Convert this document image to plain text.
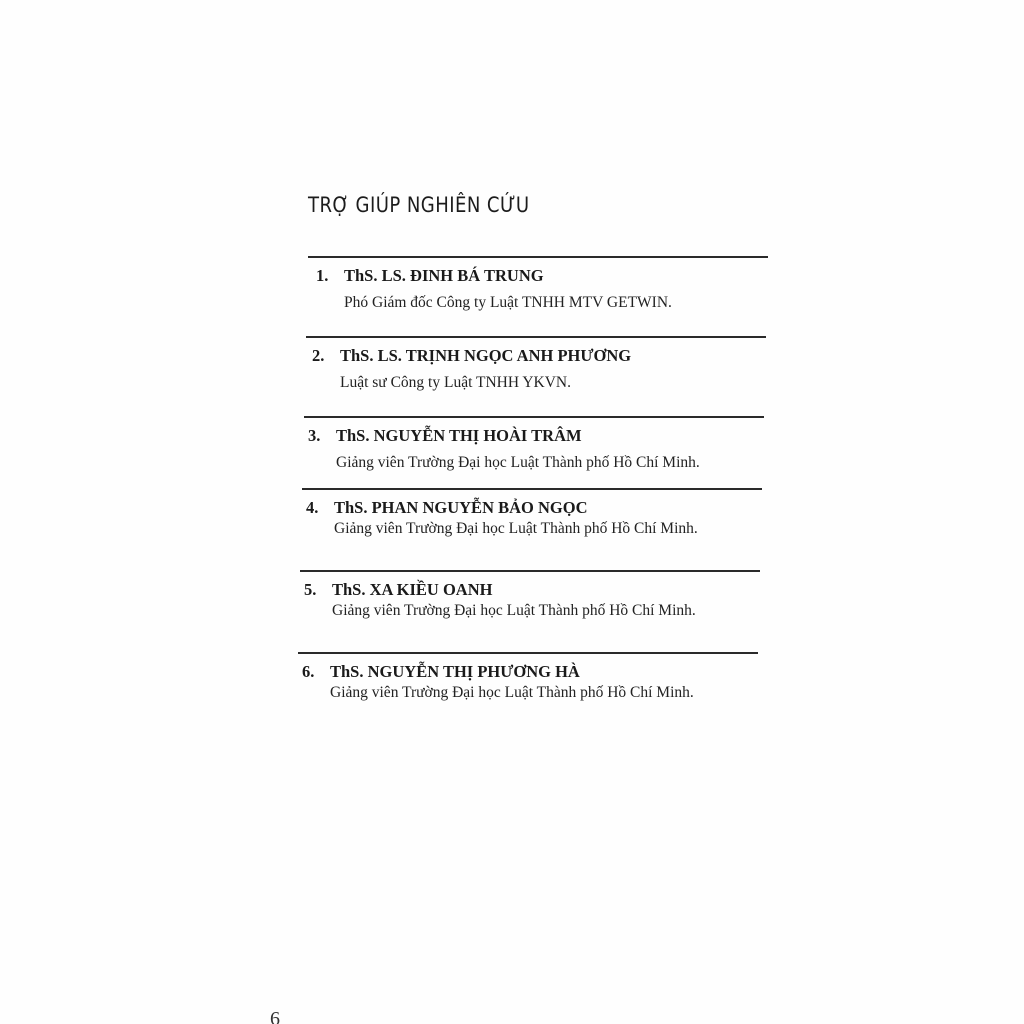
TRỢ GIÚP NGHIÊN CỨU
1. ThS. LS. ĐINH BÁ TRUNG
Phó Giám đốc Công ty Luật TNHH MTV GETWIN.
2. ThS. LS. TRỊNH NGỌC ANH PHƯƠNG
Luật sư Công ty Luật TNHH YKVN.
3. ThS. NGUYỄN THỊ HOÀI TRÂM
Giảng viên Trường Đại học Luật Thành phố Hồ Chí Minh.
4. ThS. PHAN NGUYỄN BẢO NGỌC
Giảng viên Trường Đại học Luật Thành phố Hồ Chí Minh.
5. ThS. XA KIỀU OANH
Giảng viên Trường Đại học Luật Thành phố Hồ Chí Minh.
6. ThS. NGUYỄN THỊ PHƯƠNG HÀ
Giảng viên Trường Đại học Luật Thành phố Hồ Chí Minh.
6
